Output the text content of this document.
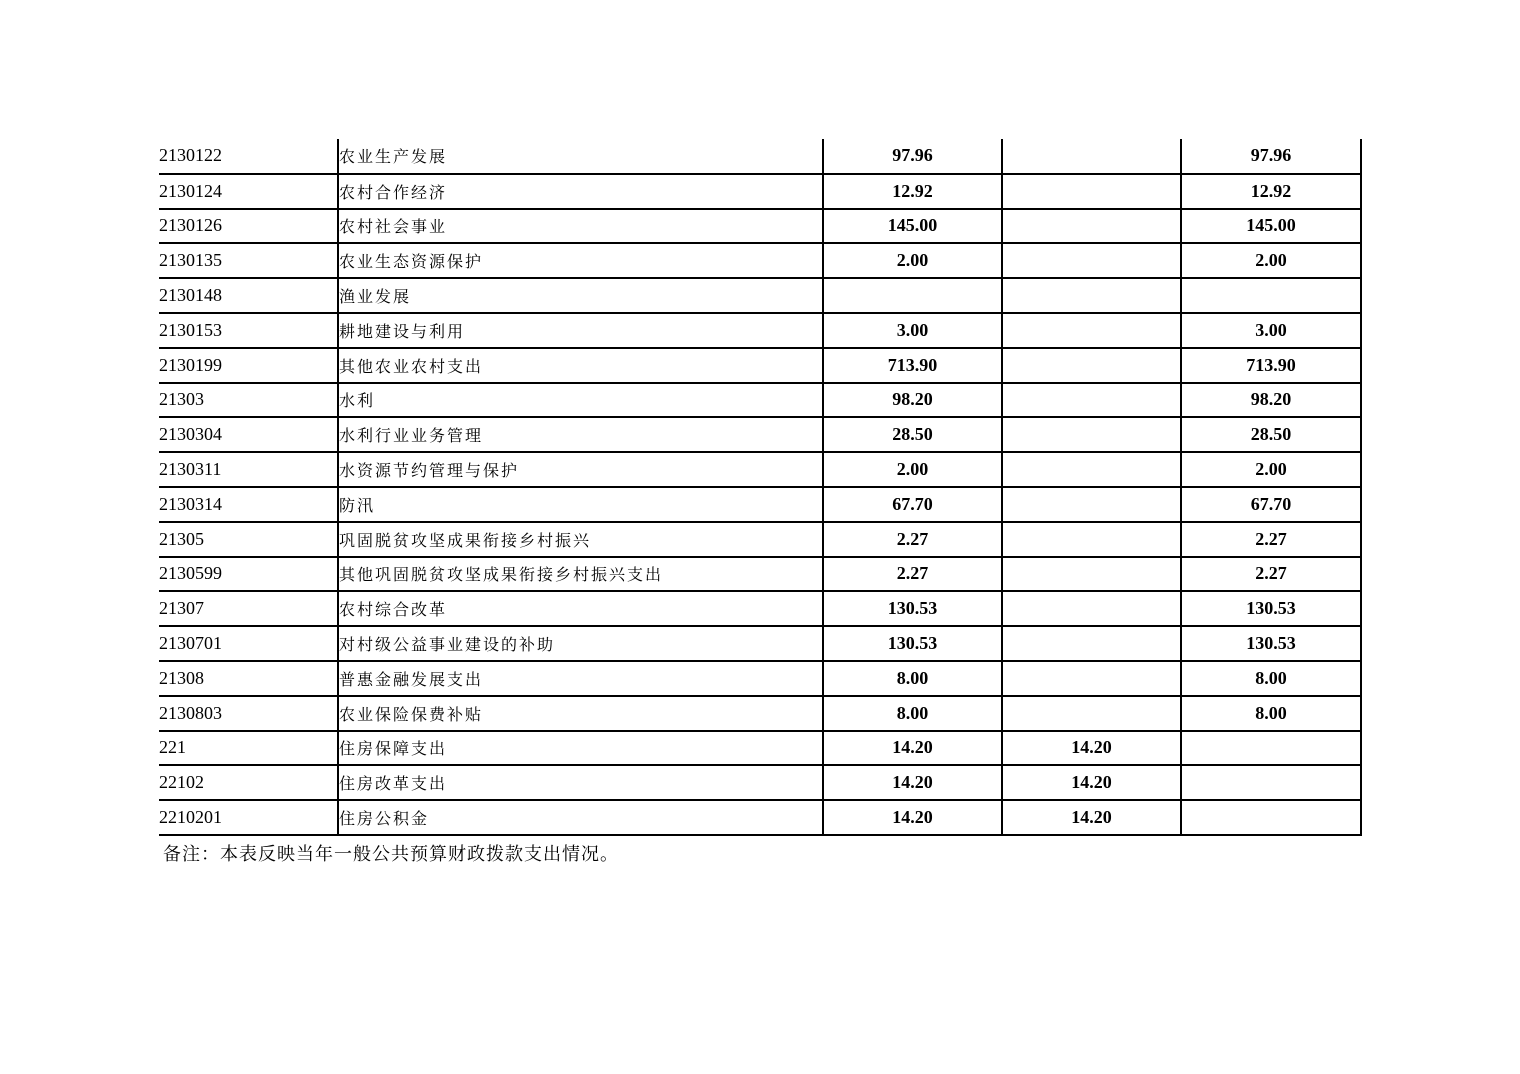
2130122	农业生产发展	97.96		97.96
2130124	农村合作经济	12.92		12.92
2130126	农村社会事业	145.00		145.00
2130135	农业生态资源保护	2.00		2.00
2130148	渔业发展			
2130153	耕地建设与利用	3.00		3.00
2130199	其他农业农村支出	713.90		713.90
21303	水利	98.20		98.20
2130304	水利行业业务管理	28.50		28.50
2130311	水资源节约管理与保护	2.00		2.00
2130314	防汛	67.70		67.70
21305	巩固脱贫攻坚成果衔接乡村振兴	2.27		2.27
2130599	其他巩固脱贫攻坚成果衔接乡村振兴支出	2.27		2.27
21307	农村综合改革	130.53		130.53
2130701	对村级公益事业建设的补助	130.53		130.53
21308	普惠金融发展支出	8.00		8.00
2130803	农业保险保费补贴	8.00		8.00
221	住房保障支出	14.20	14.20	
22102	住房改革支出	14.20	14.20	
2210201	住房公积金	14.20	14.20	
备注：本表反映当年一般公共预算财政拨款支出情况。
